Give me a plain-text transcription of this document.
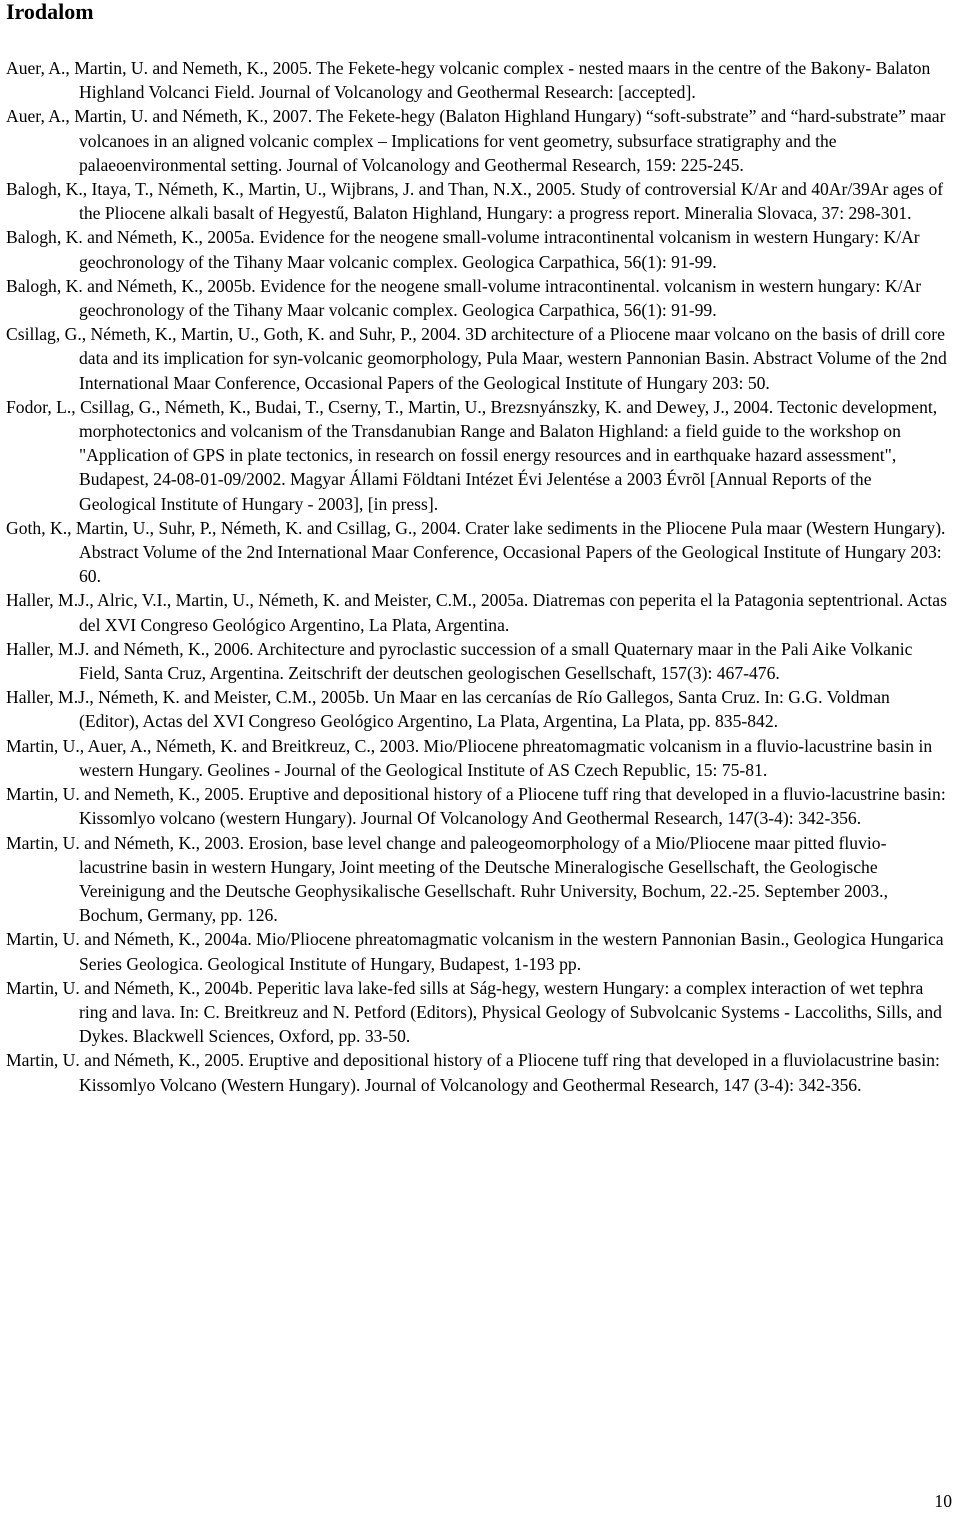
Irodalom
Auer, A., Martin, U. and Nemeth, K., 2005. The Fekete-hegy volcanic complex - nested maars in the centre of the Bakony- Balaton Highland Volcanci Field. Journal of Volcanology and Geothermal Research: [accepted].
Auer, A., Martin, U. and Németh, K., 2007. The Fekete-hegy (Balaton Highland Hungary) “soft-substrate” and “hard-substrate” maar volcanoes in an aligned volcanic complex – Implications for vent geometry, subsurface stratigraphy and the palaeoenvironmental setting. Journal of Volcanology and Geothermal Research, 159: 225-245.
Balogh, K., Itaya, T., Németh, K., Martin, U., Wijbrans, J. and Than, N.X., 2005. Study of controversial K/Ar and 40Ar/39Ar ages of the Pliocene alkali basalt of Hegyestű, Balaton Highland, Hungary: a progress report. Mineralia Slovaca, 37: 298-301.
Balogh, K. and Németh, K., 2005a. Evidence for the neogene small-volume intracontinental volcanism in western Hungary: K/Ar geochronology of the Tihany Maar volcanic complex. Geologica Carpathica, 56(1): 91-99.
Balogh, K. and Németh, K., 2005b. Evidence for the neogene small-volume intracontinental. volcanism in western hungary: K/Ar geochronology of the Tihany Maar volcanic complex. Geologica Carpathica, 56(1): 91-99.
Csillag, G., Németh, K., Martin, U., Goth, K. and Suhr, P., 2004. 3D architecture of a Pliocene maar volcano on the basis of drill core data and its implication for syn-volcanic geomorphology, Pula Maar, western Pannonian Basin. Abstract Volume of the 2nd International Maar Conference, Occasional Papers of the Geological Institute of Hungary 203: 50.
Fodor, L., Csillag, G., Németh, K., Budai, T., Cserny, T., Martin, U., Brezsnyánszky, K. and Dewey, J., 2004. Tectonic development, morphotectonics and volcanism of the Transdanubian Range and Balaton Highland: a field guide to the workshop on "Application of GPS in plate tectonics, in research on fossil energy resources and in earthquake hazard assessment", Budapest, 24-08-01-09/2002. Magyar Állami Földtani Intézet Évi Jelentése a 2003 Évrõl [Annual Reports of the Geological Institute of Hungary - 2003], [in press].
Goth, K., Martin, U., Suhr, P., Németh, K. and Csillag, G., 2004. Crater lake sediments in the Pliocene Pula maar (Western Hungary). Abstract Volume of the 2nd International Maar Conference, Occasional Papers of the Geological Institute of Hungary 203: 60.
Haller, M.J., Alric, V.I., Martin, U., Németh, K. and Meister, C.M., 2005a. Diatremas con peperita el la Patagonia septentrional. Actas del XVI Congreso Geológico Argentino, La Plata, Argentina.
Haller, M.J. and Németh, K., 2006. Architecture and pyroclastic succession of a small Quaternary maar in the Pali Aike Volkanic Field, Santa Cruz, Argentina. Zeitschrift der deutschen geologischen Gesellschaft, 157(3): 467-476.
Haller, M.J., Németh, K. and Meister, C.M., 2005b. Un Maar en las cercanías de Río Gallegos, Santa Cruz. In: G.G. Voldman (Editor), Actas del XVI Congreso Geológico Argentino, La Plata, Argentina, La Plata, pp. 835-842.
Martin, U., Auer, A., Németh, K. and Breitkreuz, C., 2003. Mio/Pliocene phreatomagmatic volcanism in a fluvio-lacustrine basin in western Hungary. Geolines - Journal of the Geological Institute of AS Czech Republic, 15: 75-81.
Martin, U. and Nemeth, K., 2005. Eruptive and depositional history of a Pliocene tuff ring that developed in a fluvio-lacustrine basin: Kissomlyo volcano (western Hungary). Journal Of Volcanology And Geothermal Research, 147(3-4): 342-356.
Martin, U. and Németh, K., 2003. Erosion, base level change and paleogeomorphology of a Mio/Pliocene maar pitted fluvio-lacustrine basin in western Hungary, Joint meeting of the Deutsche Mineralogische Gesellschaft, the Geologische Vereinigung and the Deutsche Geophysikalische Gesellschaft. Ruhr University, Bochum, 22.-25. September 2003., Bochum, Germany, pp. 126.
Martin, U. and Németh, K., 2004a. Mio/Pliocene phreatomagmatic volcanism in the western Pannonian Basin., Geologica Hungarica Series Geologica. Geological Institute of Hungary, Budapest, 1-193 pp.
Martin, U. and Németh, K., 2004b. Peperitic lava lake-fed sills at Ság-hegy, western Hungary: a complex interaction of wet tephra ring and lava. In: C. Breitkreuz and N. Petford (Editors), Physical Geology of Subvolcanic Systems - Laccoliths, Sills, and Dykes. Blackwell Sciences, Oxford, pp. 33-50.
Martin, U. and Németh, K., 2005. Eruptive and depositional history of a Pliocene tuff ring that developed in a fluviolacustrine basin: Kissomlyo Volcano (Western Hungary). Journal of Volcanology and Geothermal Research, 147 (3-4): 342-356.
10
